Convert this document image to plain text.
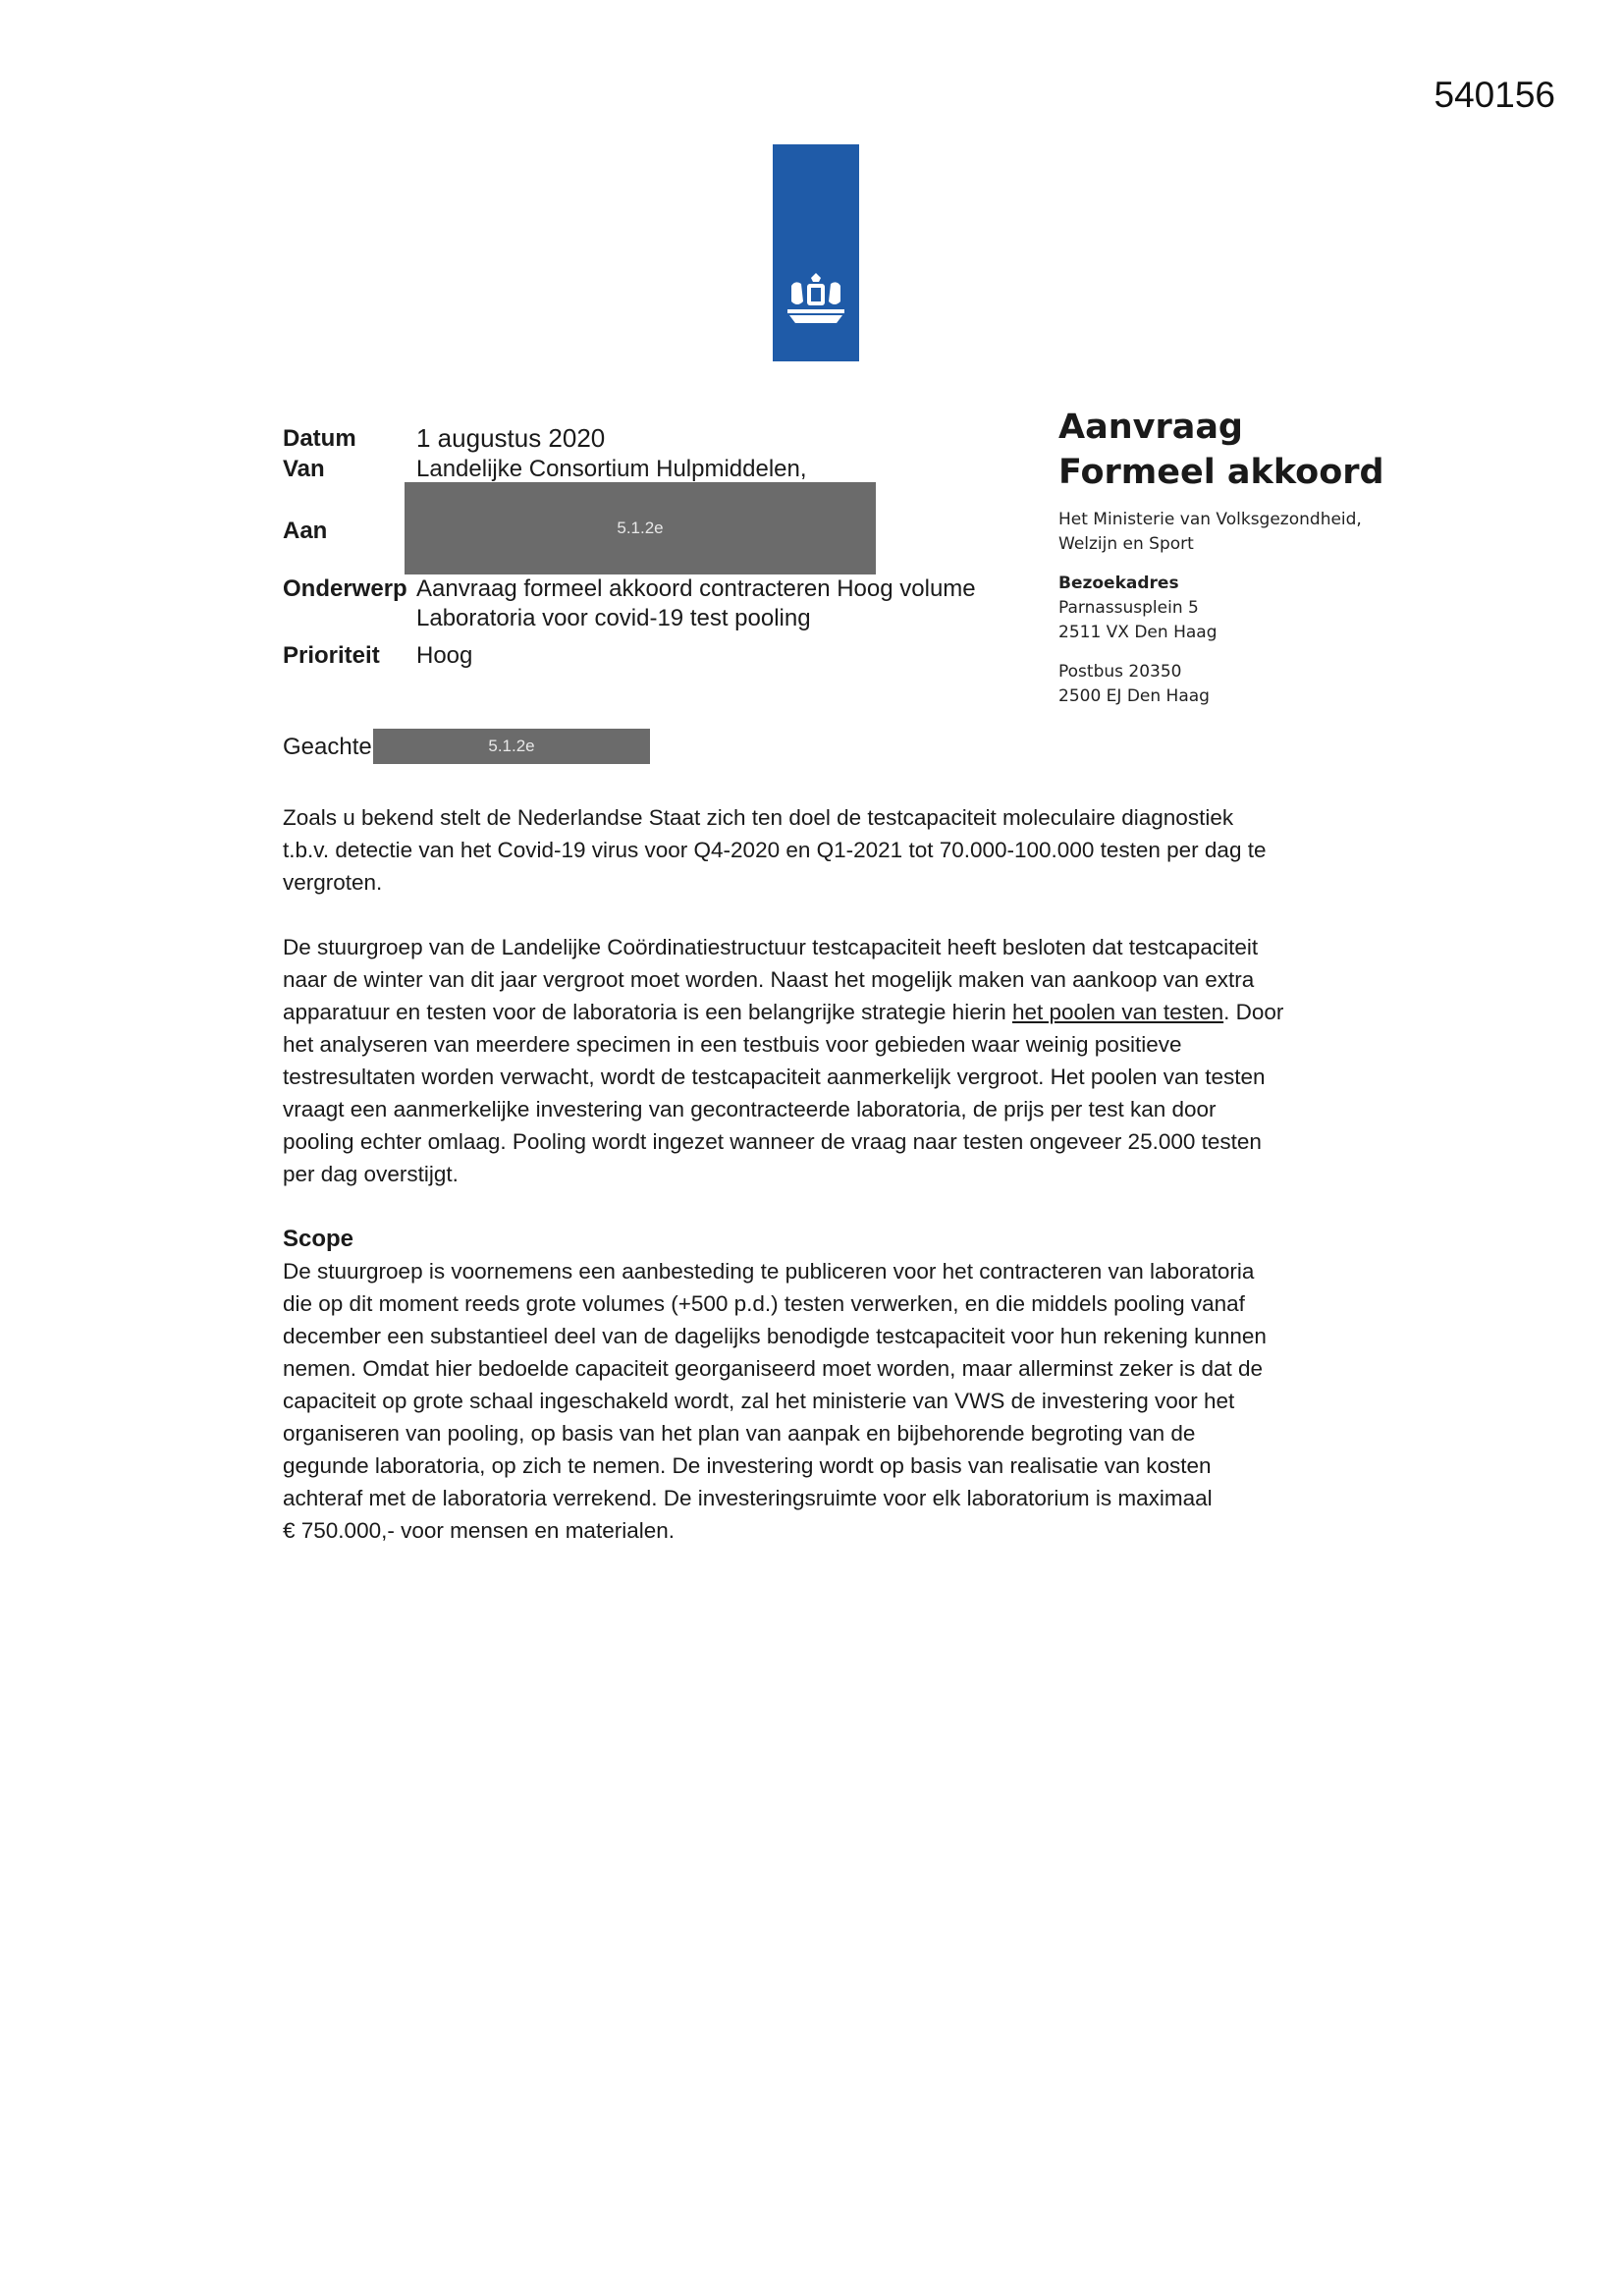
540156
Datum 1 augustus 2020
Van	Landelijke Consortium Hulpmiddelen,
Aan	5.1.2e
Onderwerp Aanvraag formeel akkoord contracteren Hoog volume
Laboratoria voor covid-19 test pooling
Prioriteit Hoog
Aanvraag
Formeel akkoord
Het Ministerie van Volksgezondheid,
Welzijn en Sport
Bezoekadres
Parnassusplein 5
2511 VX Den Haag
Postbus 20350
2500 EJ Den Haag
Geachte	5.1.2e

Zoals u bekend stelt de Nederlandse Staat zich ten doel de testcapaciteit moleculaire diagnostiek
t.b.v. detectie van het Covid-19 virus voor Q4-2020 en Q1-2021 tot 70.000-100.000 testen per dag te
vergroten.

De stuurgroep van de Landelijke Coördinatiestructuur testcapaciteit heeft besloten dat testcapaciteit
naar de winter van dit jaar vergroot moet worden. Naast het mogelijk maken van aankoop van extra
apparatuur en testen voor de laboratoria is een belangrijke strategie hierin het poolen van testen. Door
het analyseren van meerdere specimen in een testbuis voor gebieden waar weinig positieve
testresultaten worden verwacht, wordt de testcapaciteit aanmerkelijk vergroot. Het poolen van testen
vraagt een aanmerkelijke investering van gecontracteerde laboratoria, de prijs per test kan door
pooling echter omlaag. Pooling wordt ingezet wanneer de vraag naar testen ongeveer 25.000 testen
per dag overstijgt.

Scope
De stuurgroep is voornemens een aanbesteding te publiceren voor het contracteren van laboratoria
die op dit moment reeds grote volumes (+500 p.d.) testen verwerken, en die middels pooling vanaf
december een substantieel deel van de dagelijks benodigde testcapaciteit voor hun rekening kunnen
nemen. Omdat hier bedoelde capaciteit georganiseerd moet worden, maar allerminst zeker is dat de
capaciteit op grote schaal ingeschakeld wordt, zal het ministerie van VWS de investering voor het
organiseren van pooling, op basis van het plan van aanpak en bijbehorende begroting van de
gegunde laboratoria, op zich te nemen. De investering wordt op basis van realisatie van kosten
achteraf met de laboratoria verrekend. De investeringsruimte voor elk laboratorium is maximaal
€ 750.000,- voor mensen en materialen.
